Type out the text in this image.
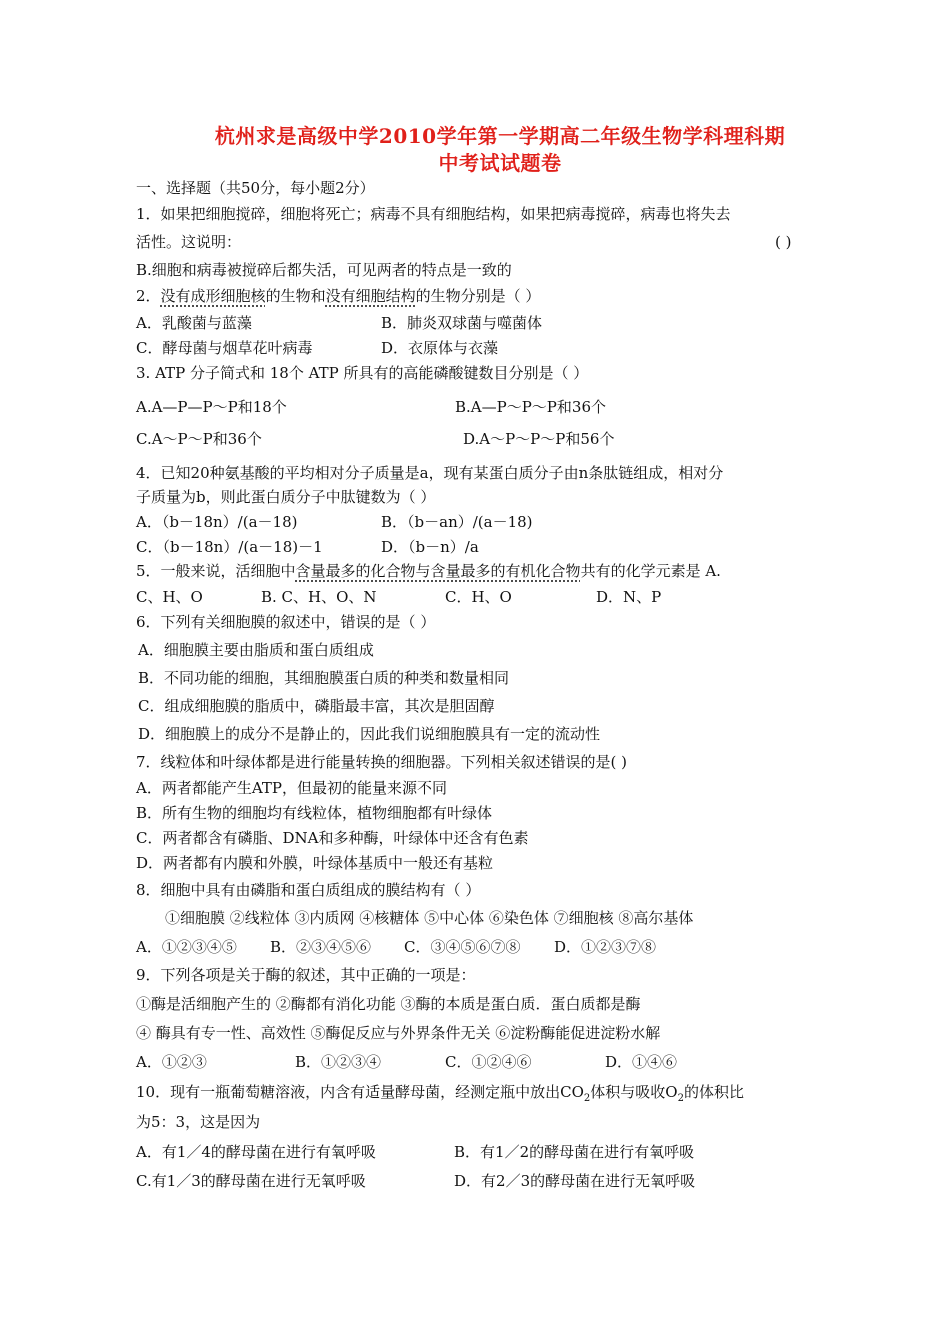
杭州求是高级中学2010学年第一学期高二年级生物学科理科期
中考试试题卷
一、选择题（共50分，每小题2分）
1．如果把细胞搅碎，细胞将死亡；病毒不具有细胞结构，如果把病毒搅碎，病毒也将失去
活性。这说明：	( )
B.细胞和病毒被搅碎后都失活，可见两者的特点是一致的
2．没有成形细胞核的生物和没有细胞结构的生物分别是（ ）
A．乳酸菌与蓝藻	B．肺炎双球菌与噬菌体
C．酵母菌与烟草花叶病毒	D．衣原体与衣藻
3. ATP 分子简式和 18个 ATP 所具有的高能磷酸键数目分别是（ ）
A.A—P—P～P和18个	B.A—P～P～P和36个
C.A～P～P和36个	D.A～P～P～P和56个
4．已知20种氨基酸的平均相对分子质量是a，现有某蛋白质分子由n条肽链组成，相对分
子质量为b，则此蛋白质分子中肽键数为（ ）
A．（b－18n）/(a－18)	B．（b－an）/(a－18)
C．（b－18n）/(a－18)－1	D．（b－n）/a
5．一般来说，活细胞中含量最多的化合物与含量最多的有机化合物共有的化学元素是 A.
C、H、O	B. C、H、O、N	C．H、O	D．N、P
6．下列有关细胞膜的叙述中，错误的是（ ）
A．细胞膜主要由脂质和蛋白质组成
B．不同功能的细胞，其细胞膜蛋白质的种类和数量相同
C．组成细胞膜的脂质中，磷脂最丰富，其次是胆固醇
D．细胞膜上的成分不是静止的，因此我们说细胞膜具有一定的流动性
7．线粒体和叶绿体都是进行能量转换的细胞器。下列相关叙述错误的是( )
A．两者都能产生ATP，但最初的能量来源不同
B．所有生物的细胞均有线粒体，植物细胞都有叶绿体
C．两者都含有磷脂、DNA和多种酶，叶绿体中还含有色素
D．两者都有内膜和外膜，叶绿体基质中一般还有基粒
8．细胞中具有由磷脂和蛋白质组成的膜结构有（ ）
①细胞膜 ②线粒体 ③内质网 ④核糖体 ⑤中心体 ⑥染色体 ⑦细胞核 ⑧高尔基体
A．①②③④⑤ B．②③④⑤⑥ C．③④⑤⑥⑦⑧ D．①②③⑦⑧
9．下列各项是关于酶的叙述，其中正确的一项是：
①酶是活细胞产生的 ②酶都有消化功能 ③酶的本质是蛋白质．蛋白质都是酶
④ 酶具有专一性、高效性 ⑤酶促反应与外界条件无关 ⑥淀粉酶能促进淀粉水解
A．①②③	B．①②③④	C．①②④⑥	D．①④⑥
10．现有一瓶葡萄糖溶液，内含有适量酵母菌，经测定瓶中放出$CO_2$体积与吸收$O_2$的体积比
为5：3，这是因为
A．有1／4的酵母菌在进行有氧呼吸	B．有1／2的酵母菌在进行有氧呼吸
C.有1／3的酵母菌在进行无氧呼吸	D．有2／3的酵母菌在进行无氧呼吸
